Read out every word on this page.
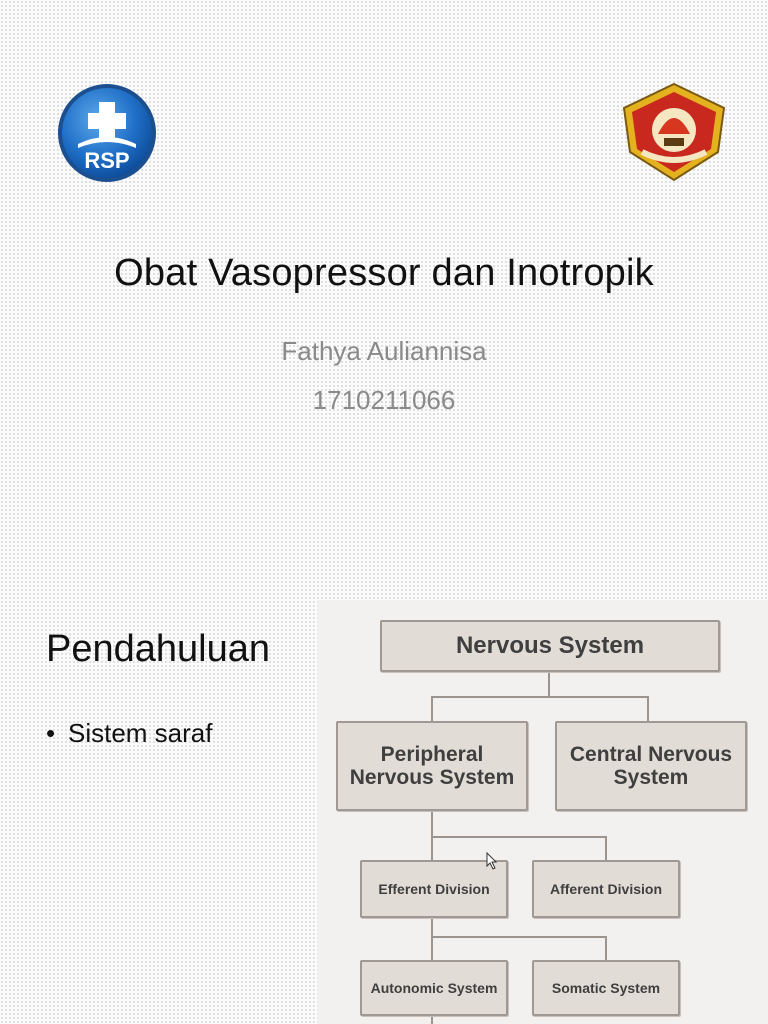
RSP
Obat Vasopressor dan Inotropik
Fathya Auliannisa
1710211066
Pendahuluan
• Sistem saraf
Nervous System
Peripheral Nervous System
Central Nervous System
Efferent Division	Afferent Division
Autonomic System	Somatic System
